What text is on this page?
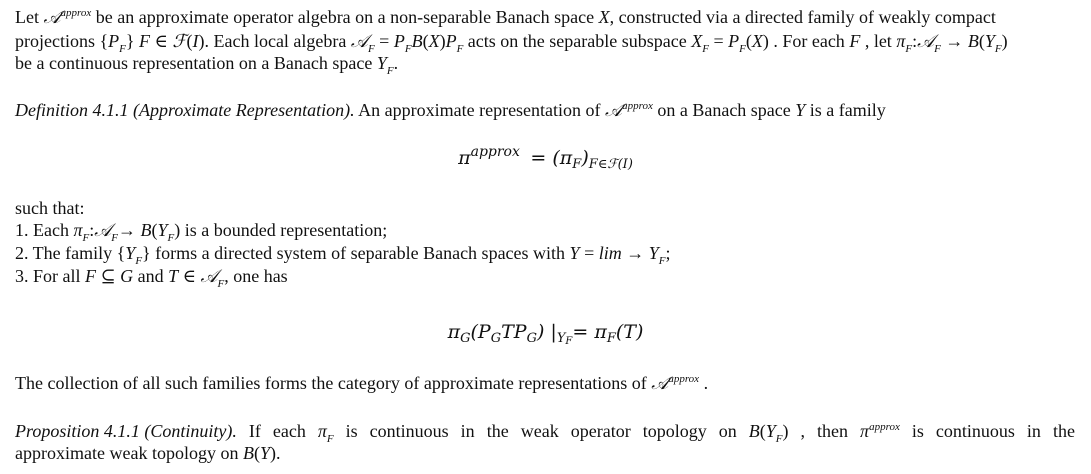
Let 𝒜$^{approx}$ be an approximate operator algebra on a non-separable Banach space X, constructed via a directed family of weakly compact
projections $\{P_F\}$ F ∈ ℱ(I). Each local algebra 𝒜$_F$ = $P_FB(X)P_F$ acts on the separable subspace $X_F = P_F(X)$ . For each F , let $\pi_F:𝒜_F \to B(Y_F)$
be a continuous representation on a Banach space $Y_F$.
Definition 4.1.1 (Approximate Representation). An approximate representation of 𝒜$^{approx}$ on a Banach space Y is a family
$\pi^{approx} = (\pi_F)_{F\in ℱ(I)}$
such that:
1. Each $\pi_F:𝒜_F\to B(Y_F)$ is a bounded representation;
2. The family $\{Y_F\}$ forms a directed system of separable Banach spaces with $Y = \lim \to Y_F$;
3. For all F ⊆ G and T ∈ 𝒜$_F$, one has
$\pi_G(P_GTP_G)$ $|_{YF}= \pi_F(T)$
The collection of all such families forms the category of approximate representations of 𝒜$^{approx}$ .
Proposition 4.1.1 (Continuity). If each $\pi_F$ is continuous in the weak operator topology on $B(Y_F)$ , then $\pi^{approx}$ is continuous in the
approximate weak topology on B(Y).
